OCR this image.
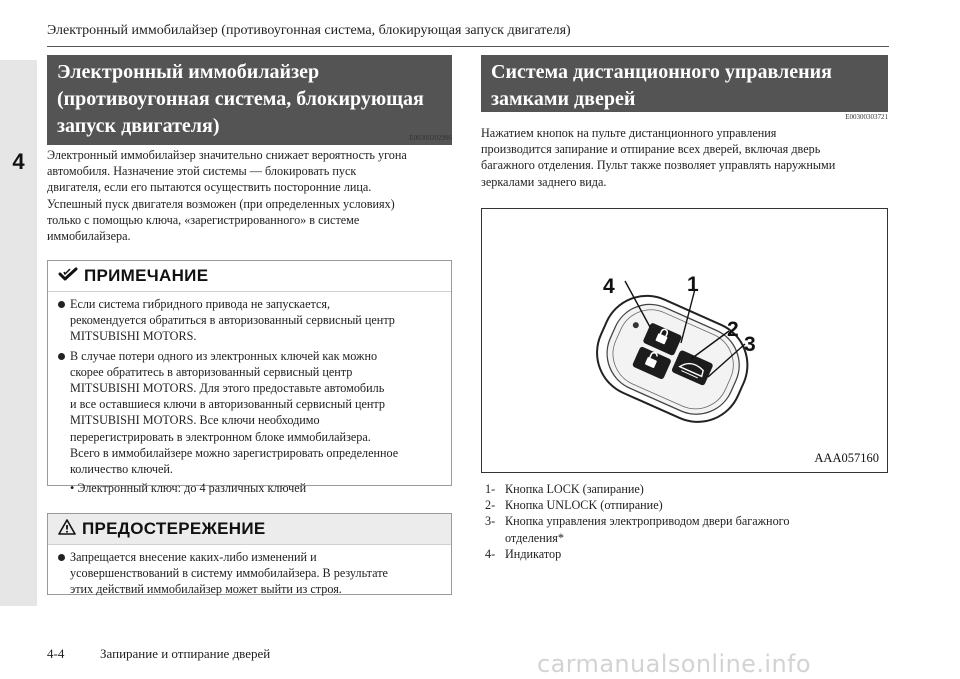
4
Электронный иммобилайзер (противоугонная система, блокирующая запуск двигателя)
Электронный иммобилайзер
(противоугонная система, блокирующая
запуск двигателя)
E00300202996
Электронный иммобилайзер значительно снижает вероятность угона
автомобиля. Назначение этой системы — блокировать пуск
двигателя, если его пытаются осуществить посторонние лица.
Успешный пуск двигателя возможен (при определенных условиях)
только с помощью ключа, «зарегистрированного» в системе
иммобилайзера.
ПРИМЕЧАНИЕ
Если система гибридного привода не запускается,
рекомендуется обратиться в авторизованный сервисный центр
MITSUBISHI MOTORS.
В случае потери одного из электронных ключей как можно
скорее обратитесь в авторизованный сервисный центр
MITSUBISHI MOTORS. Для этого предоставьте автомобиль
и все оставшиеся ключи в авторизованный сервисный центр
MITSUBISHI MOTORS. Все ключи необходимо
перерегистрировать в электронном блоке иммобилайзера.
Всего в иммобилайзере можно зарегистрировать определенное
количество ключей.
• Электронный ключ: до 4 различных ключей
ПРЕДОСТЕРЕЖЕНИЕ
Запрещается внесение каких-либо изменений и
усовершенствований в систему иммобилайзера. В результате
этих действий иммобилайзер может выйти из строя.
Система дистанционного управления
замками дверей
E00300303721
Нажатием кнопок на пульте дистанционного управления
производится запирание и отпирание всех дверей, включая дверь
багажного отделения. Пульт также позволяет управлять наружными
зеркалами заднего вида.
4	1
2
3
AAA057160
1- Кнопка LOCK (запирание)
2- Кнопка UNLOCK (отпирание)
3- Кнопка управления электроприводом двери багажного
отделения*
4- Индикатор
4-4	Запирание и отпирание дверей	carmanualsonline.info
